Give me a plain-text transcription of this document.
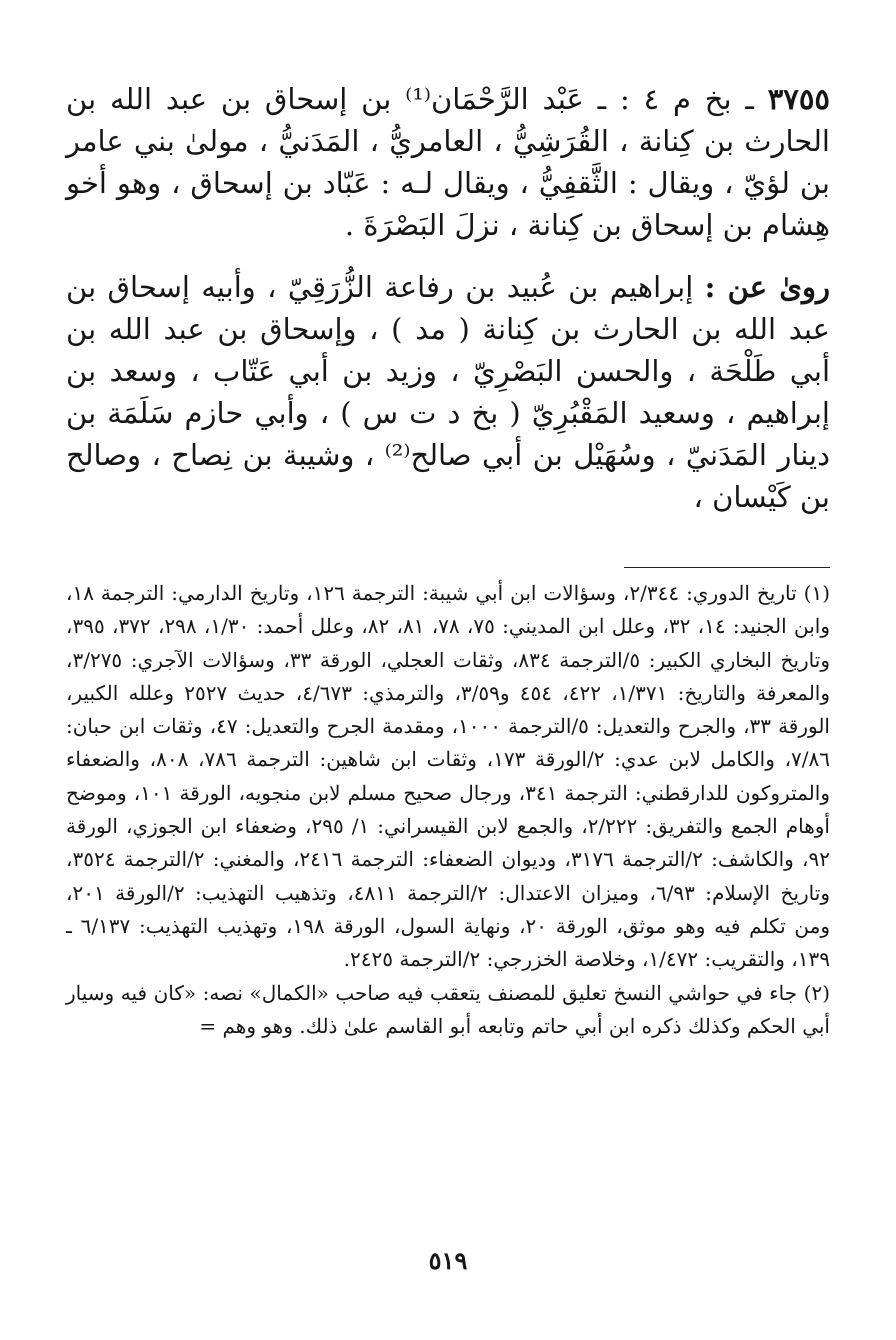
٣٧٥٥ ـ بخ م ٤ : ـ عَبْد الرَّحْمَان⁽¹⁾ بن إسحاق بن عبد الله بن الحارث بن كِنانة ، القُرَشِيُّ ، العامريُّ ، المَدَنيُّ ، مولىٰ بني عامر بن لؤيّ ، ويقال : الثَّقفِيُّ ، ويقال لـه : عَبّاد بن إسحاق ، وهو أخو هِشام بن إسحاق بن كِنانة ، نزلَ البَصْرَةَ .

روىٰ عن : إبراهيم بن عُبيد بن رفاعة الزُّرَقِيّ ، وأبيه إسحاق بن عبد الله بن الحارث بن كِنانة ( مد ) ، وإسحاق بن عبد الله بن أبي طَلْحَة ، والحسن البَصْرِيّ ، وزيد بن أبي عَتّاب ، وسعد بن إبراهيم ، وسعيد المَقْبُرِيّ ( بخ د ت س ) ، وأبي حازم سَلَمَة بن دينار المَدَنيّ ، وسُهَيْل بن أبي صالح⁽²⁾ ، وشيبة بن نِصاح ، وصالح بن كَيْسان ،

(١) تاريخ الدوري: ٢/٣٤٤، وسؤالات ابن أبي شيبة: الترجمة ١٢٦، وتاريخ الدارمي: الترجمة ١٨، وابن الجنيد: ١٤، ٣٢، وعلل ابن المديني: ٧٥، ٧٨، ٨١، ٨٢، وعلل أحمد: ١/٣٠، ٢٩٨، ٣٧٢، ٣٩٥، وتاريخ البخاري الكبير: ٥/الترجمة ٨٣٤، وثقات العجلي، الورقة ٣٣، وسؤالات الآجري: ٣/٢٧٥، والمعرفة والتاريخ: ١/٣٧١، ٤٢٢، ٤٥٤ و٣/٥٩، والترمذي: ٤/٦٧٣، حديث ٢٥٢٧ وعلله الكبير، الورقة ٣٣، والجرح والتعديل: ٥/الترجمة ١٠٠٠، ومقدمة الجرح والتعديل: ٤٧، وثقات ابن حبان: ٧/٨٦، والكامل لابن عدي: ٢/الورقة ١٧٣، وثقات ابن شاهين: الترجمة ٧٨٦، ٨٠٨، والضعفاء والمتروكون للدارقطني: الترجمة ٣٤١، ورجال صحيح مسلم لابن منجويه، الورقة ١٠١، وموضح أوهام الجمع والتفريق: ٢/٢٢٢، والجمع لابن القيسراني: ١/ ٢٩٥، وضعفاء ابن الجوزي، الورقة ٩٢، والكاشف: ٢/الترجمة ٣١٧٦، وديوان الضعفاء: الترجمة ٢٤١٦، والمغني: ٢/الترجمة ٣٥٢٤، وتاريخ الإسلام: ٦/٩٣، وميزان الاعتدال: ٢/الترجمة ٤٨١١، وتذهيب التهذيب: ٢/الورقة ٢٠١، ومن تكلم فيه وهو موثق، الورقة ٢٠، ونهاية السول، الورقة ١٩٨، وتهذيب التهذيب: ٦/١٣٧ ـ ١٣٩، والتقريب: ١/٤٧٢، وخلاصة الخزرجي: ٢/الترجمة ٢٤٢٥.

(٢) جاء في حواشي النسخ تعليق للمصنف يتعقب فيه صاحب «الكمال» نصه: «كان فيه وسيار أبي الحكم وكذلك ذكره ابن أبي حاتم وتابعه أبو القاسم علىٰ ذلك. وهو وهم =

٥١٩
